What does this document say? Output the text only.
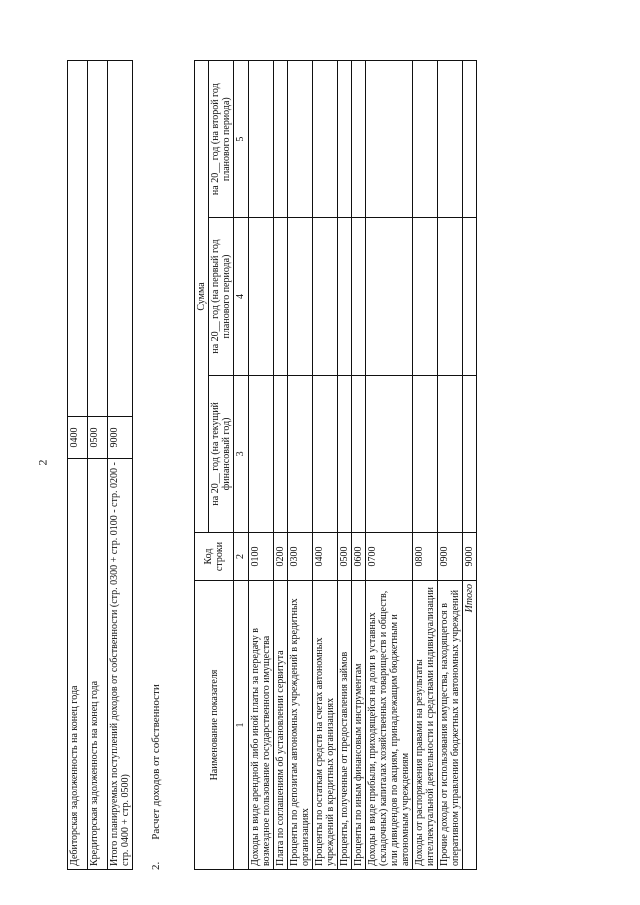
2
Дебиторская задолженность на конец года	0400	
Кредиторская задолженность на конец года	0500	
Итого планируемых поступлений доходов от собственности (стр. 0300 + стр. 0100 - стр. 0200 - стр. 0400 + стр. 0500)	9000	
2.        Расчет доходов от собственности	Наименование показателя	Код строки	Сумма		
		на 20__ год (на текущий финансовый год)	на 20__ год (на первый год планового периода)	на 20__ год (на второй год планового периода)
1	2	3	4	5
Доходы в виде арендной либо иной платы за передачу в возмездное пользование государственного имущества	0100			
Плата по соглашениям об установлении сервитута	0200			
Проценты по депозитам автономных учреждений в кредитных организациях	0300			
Проценты по остаткам средств на счетах автономных учреждений в кредитных организациях	0400			
Проценты, полученные от предоставления займов	0500			
Проценты по иным финансовым инструментам	0600			
Доходы в виде прибыли, приходящейся на доли в уставных (складочных) капиталах хозяйственных товариществ и обществ, или дивидендов по акциям, принадлежащим бюджетным и автономным учреждениям	0700			
Доходы от распоряжения правами на результаты интеллектуальной деятельности и средствами индивидуализации	0800			
Прочие доходы от использования имущества, находящегося в оперативном управлении бюджетных и автономных учреждений	0900			
Итого	9000			
